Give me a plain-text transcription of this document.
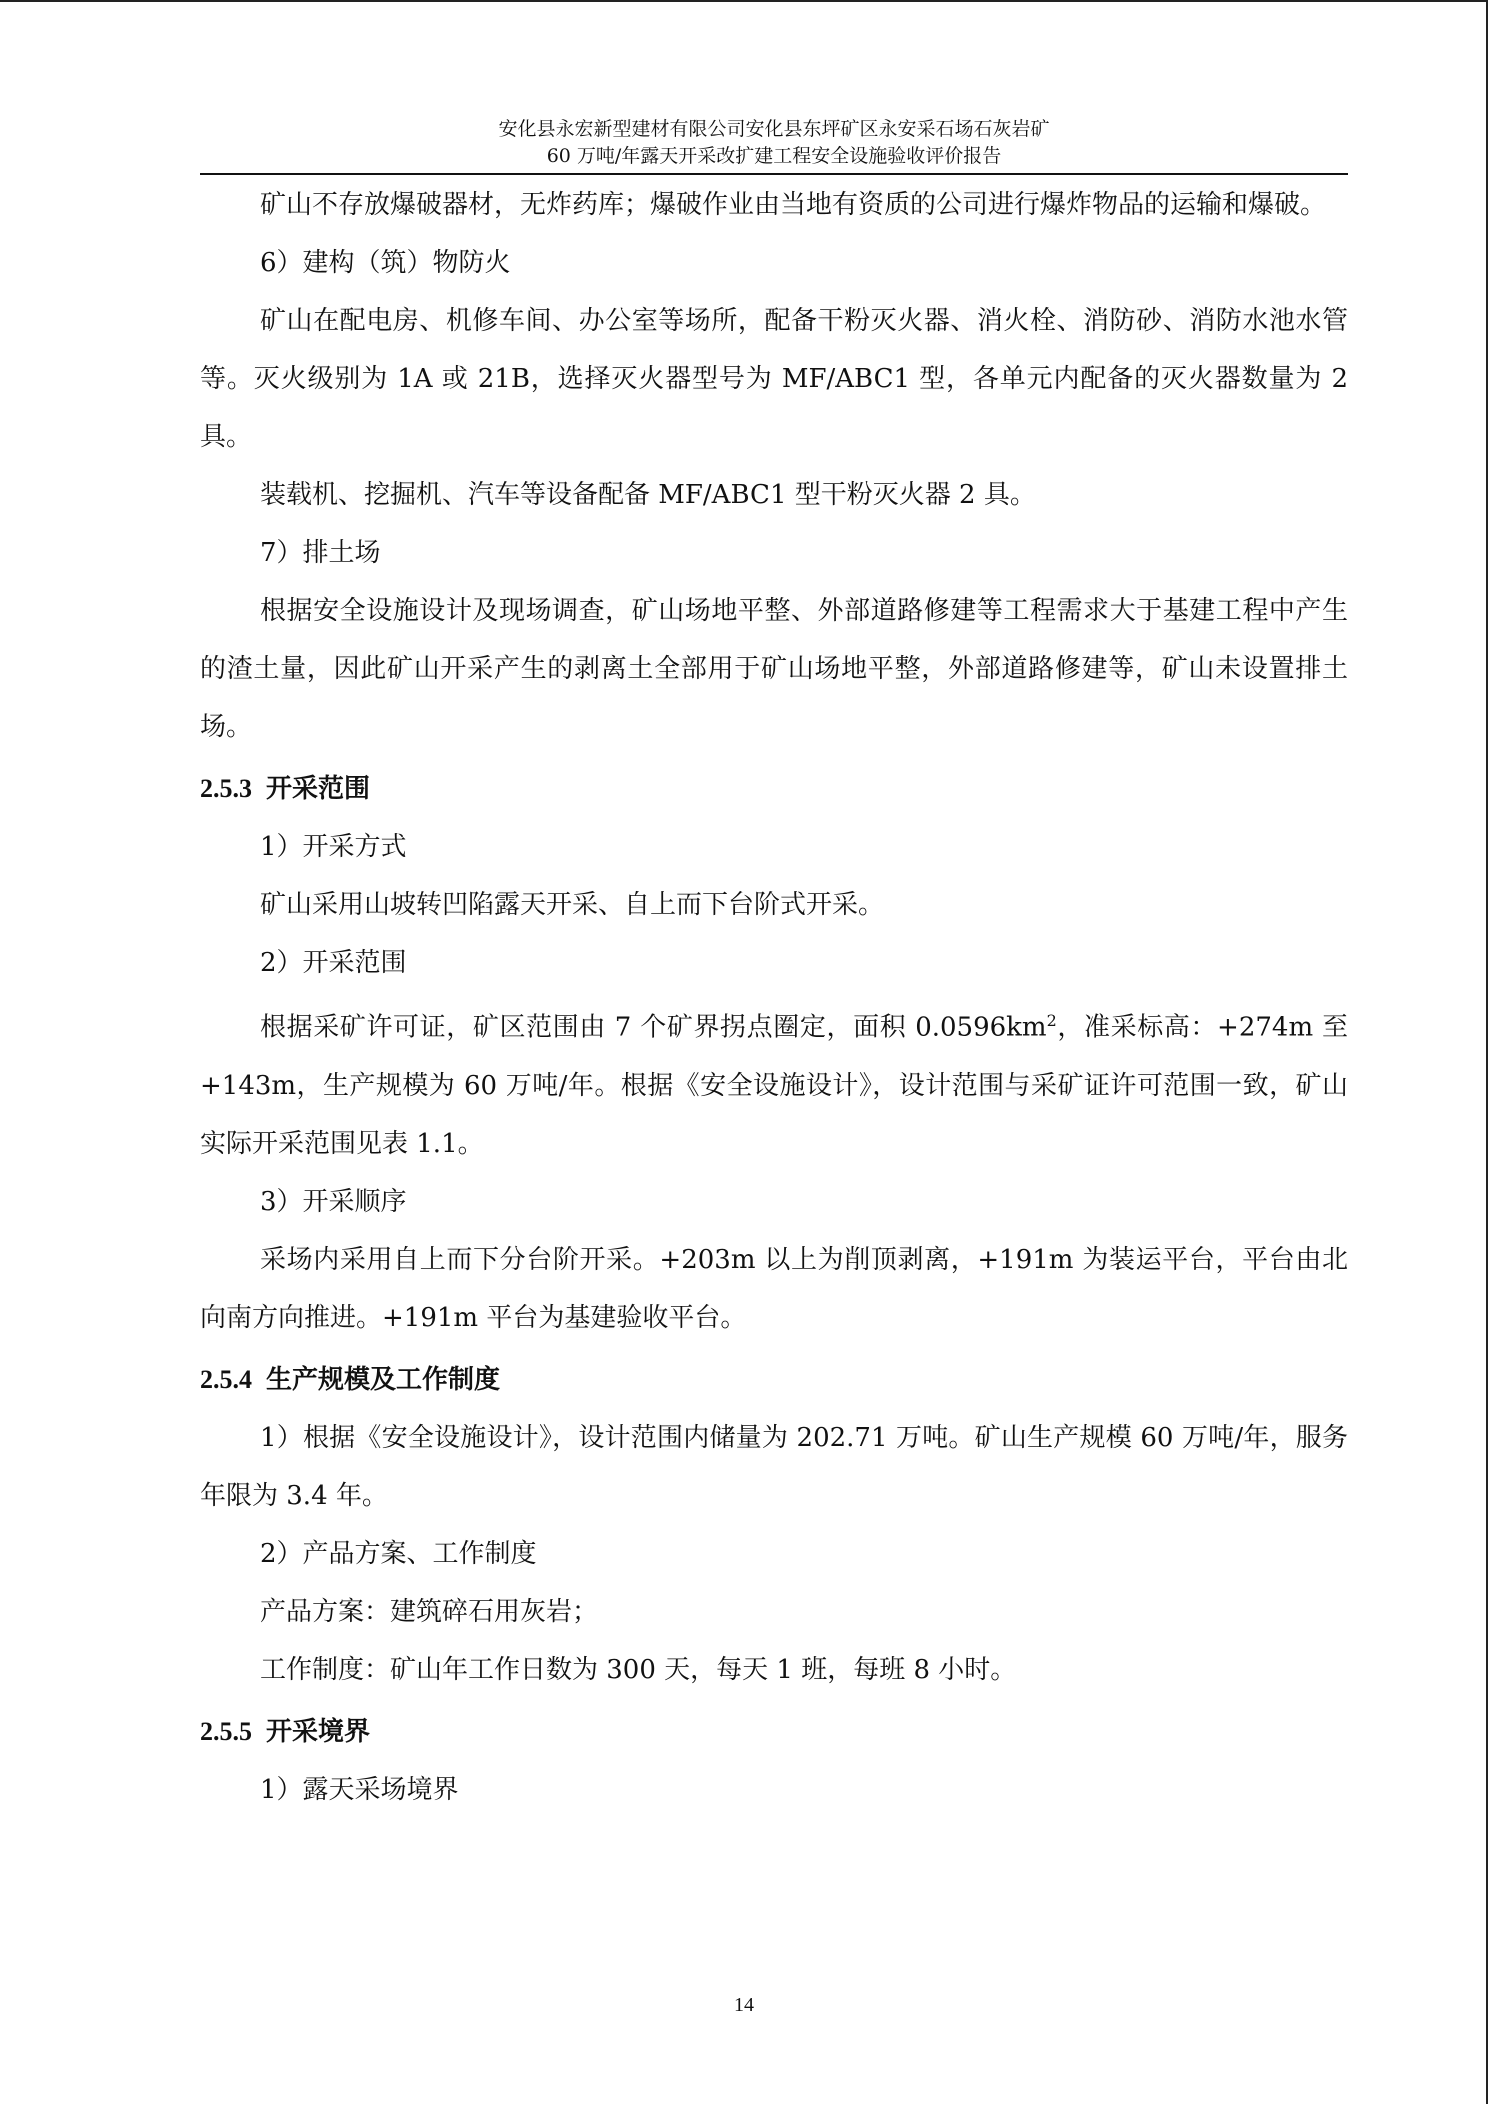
安化县永宏新型建材有限公司安化县东坪矿区永安采石场石灰岩矿
60 万吨/年露天开采改扩建工程安全设施验收评价报告

矿山不存放爆破器材，无炸药库；爆破作业由当地有资质的公司进行爆炸物品的运输和爆破。

6）建构（筑）物防火

矿山在配电房、机修车间、办公室等场所，配备干粉灭火器、消火栓、消防砂、消防水池水管等。灭火级别为 1A 或 21B，选择灭火器型号为 MF/ABC1 型，各单元内配备的灭火器数量为 2 具。

装载机、挖掘机、汽车等设备配备 MF/ABC1 型干粉灭火器 2 具。

7）排土场

根据安全设施设计及现场调查，矿山场地平整、外部道路修建等工程需求大于基建工程中产生的渣土量，因此矿山开采产生的剥离土全部用于矿山场地平整，外部道路修建等，矿山未设置排土场。

2.5.3 开采范围

1）开采方式

矿山采用山坡转凹陷露天开采、自上而下台阶式开采。

2）开采范围

根据采矿许可证，矿区范围由 7 个矿界拐点圈定，面积 $0.0596km^2$，准采标高：+274m 至+143m，生产规模为 60 万吨/年。根据《安全设施设计》，设计范围与采矿证许可范围一致，矿山实际开采范围见表 1.1。

3）开采顺序

采场内采用自上而下分台阶开采。+203m 以上为削顶剥离，+191m 为装运平台，平台由北向南方向推进。+191m 平台为基建验收平台。

2.5.4 生产规模及工作制度

1）根据《安全设施设计》，设计范围内储量为 202.71 万吨。矿山生产规模 60 万吨/年，服务年限为 3.4 年。

2）产品方案、工作制度

产品方案：建筑碎石用灰岩；

工作制度：矿山年工作日数为 300 天，每天 1 班，每班 8 小时。

2.5.5 开采境界

1）露天采场境界

14
